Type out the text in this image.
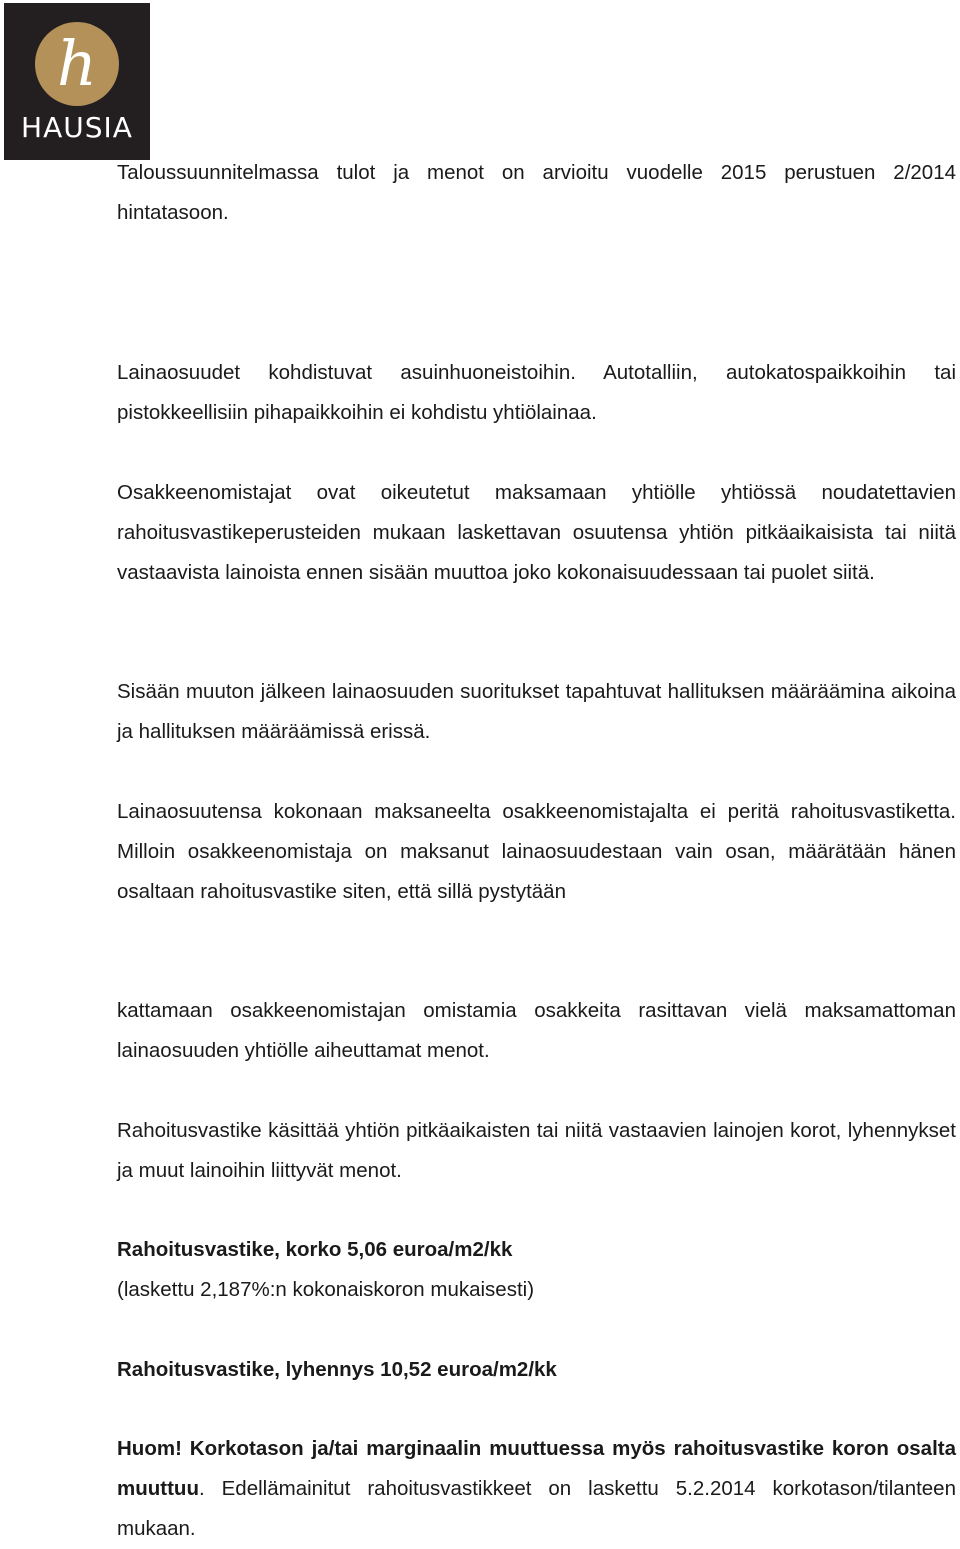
h
HAUSIA

Taloussuunnitelmassa tulot ja menot on arvioitu vuodelle 2015 perustuen 2/2014 hintatasoon.

Lainaosuudet kohdistuvat asuinhuoneistoihin. Autotalliin, autokatospaikkoihin tai pistokkeellisiin pihapaikkoihin ei kohdistu yhtiölainaa.

Osakkeenomistajat ovat oikeutetut maksamaan yhtiölle yhtiössä noudatettavien rahoitusvastikeperusteiden mukaan laskettavan osuutensa yhtiön pitkäaikaisista tai niitä vastaavista lainoista ennen sisään muuttoa joko kokonaisuudessaan tai puolet siitä.

Sisään muuton jälkeen lainaosuuden suoritukset tapahtuvat hallituksen määräämina aikoina ja hallituksen määräämissä erissä.

Lainaosuutensa kokonaan maksaneelta osakkeenomistajalta ei peritä rahoitusvastiketta. Milloin osakkeenomistaja on maksanut lainaosuudestaan vain osan, määrätään hänen osaltaan rahoitusvastike siten, että sillä pystytään

kattamaan osakkeenomistajan omistamia osakkeita rasittavan vielä maksamattoman lainaosuuden yhtiölle aiheuttamat menot.

Rahoitusvastike käsittää yhtiön pitkäaikaisten tai niitä vastaavien lainojen korot, lyhennykset ja muut lainoihin liittyvät menot.

Rahoitusvastike, korko 5,06 euroa/m2/kk
(laskettu 2,187%:n kokonaiskoron mukaisesti)
Rahoitusvastike, lyhennys 10,52 euroa/m2/kk

Huom! Korkotason ja/tai marginaalin muuttuessa myös rahoitusvastike koron osalta muuttuu. Edellämainitut rahoitusvastikkeet on laskettu 5.2.2014 korkotason/tilanteen mukaan.
